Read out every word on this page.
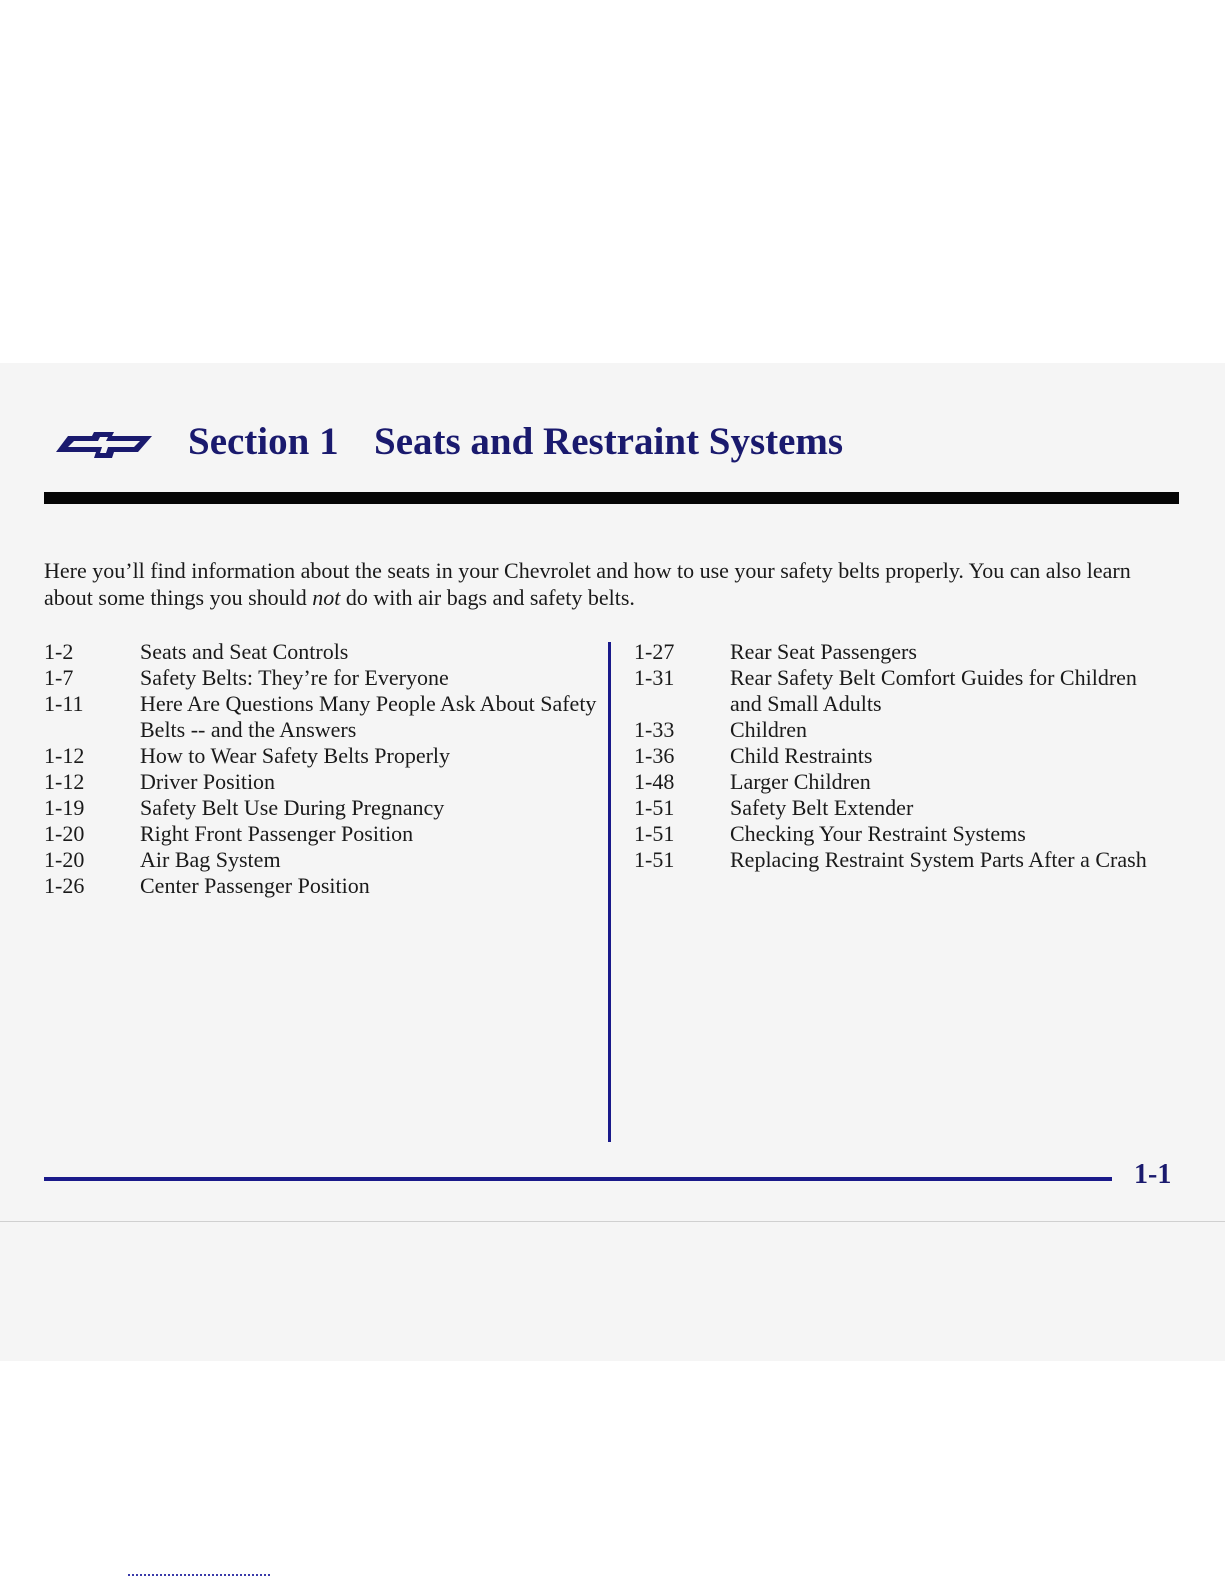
Section 1 Seats and Restraint Systems

Here you’ll find information about the seats in your Chevrolet and how to use your safety belts properly. You can also learn about some things you should not do with air bags and safety belts.

1-2	Seats and Seat Controls
1-7	Safety Belts: They’re for Everyone
1-11	Here Are Questions Many People Ask About Safety Belts -- and the Answers
1-12	How to Wear Safety Belts Properly
1-12	Driver Position
1-19	Safety Belt Use During Pregnancy
1-20	Right Front Passenger Position
1-20	Air Bag System
1-26	Center Passenger Position
1-27	Rear Seat Passengers
1-31	Rear Safety Belt Comfort Guides for Children and Small Adults
1-33	Children
1-36	Child Restraints
1-48	Larger Children
1-51	Safety Belt Extender
1-51	Checking Your Restraint Systems
1-51	Replacing Restraint System Parts After a Crash
1-1
